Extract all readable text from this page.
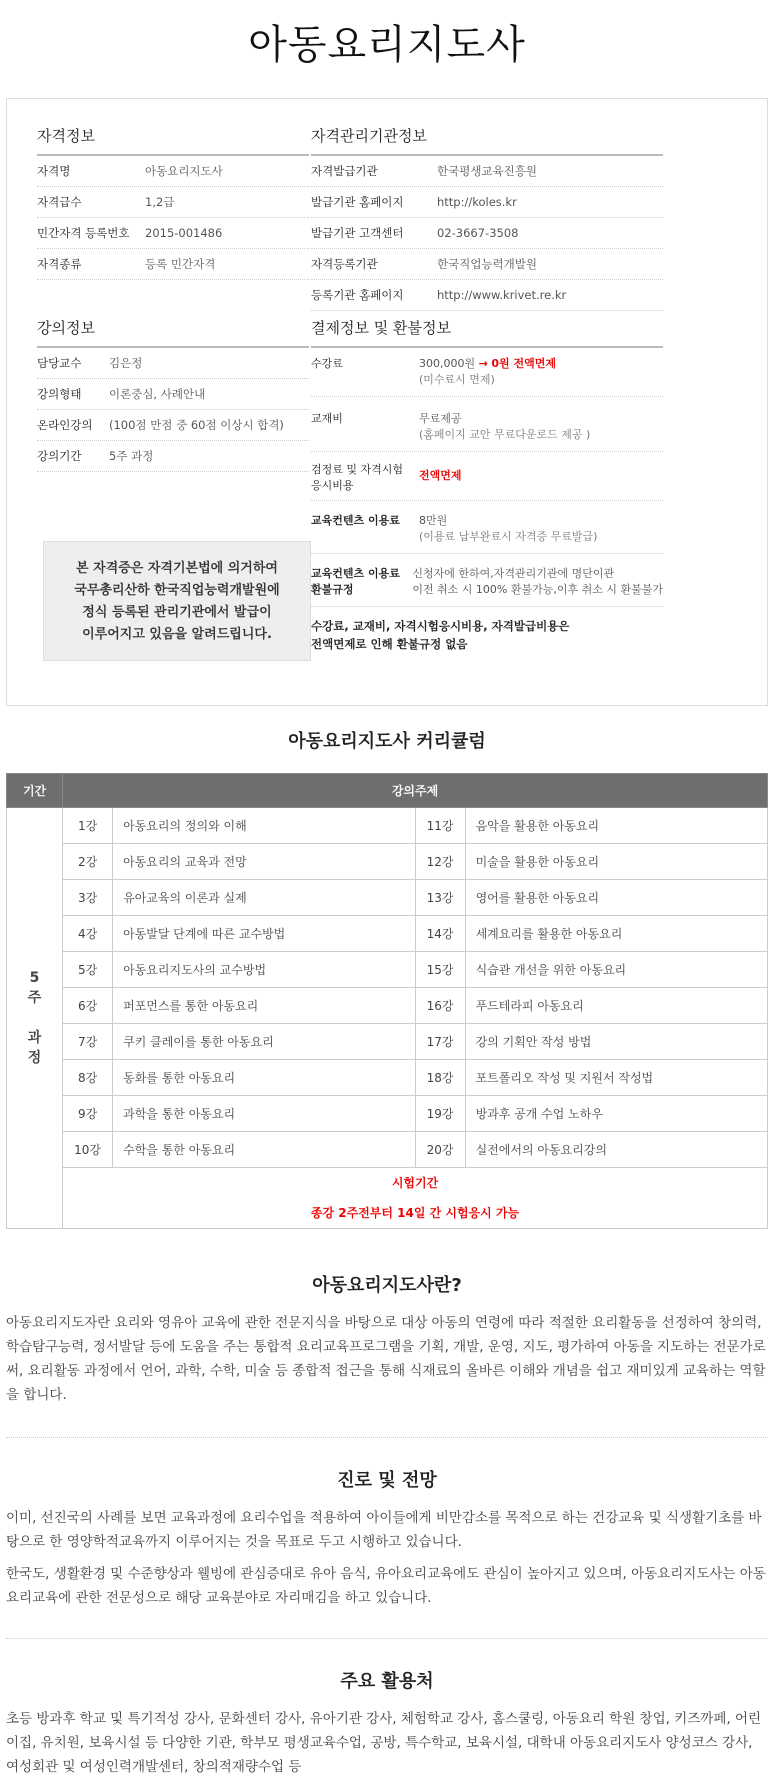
아동요리지도사
자격정보
자격명	아동요리지도사
자격급수	1,2급
민간자격 등록번호	2015-001486
자격종류	등록 민간자격
자격관리기관정보
자격발급기관	한국평생교육진흥원
발급기관 홈페이지	http://koles.kr
발급기관 고객센터	02-3667-3508
자격등록기관	한국직업능력개발원
등록기관 홈페이지	http://www.krivet.re.kr
강의정보
담당교수	김은정
강의형태	이론중심, 사례안내
온라인강의	(100점 만점 중 60점 이상시 합격)
강의기간	5주 과정
본 자격증은 자격기본법에 의거하여
국무총리산하 한국직업능력개발원에
정식 등록된 관리기관에서 발급이
이루어지고 있음을 알려드립니다.
결제정보 및 환불정보
수강료	300,000원 → 0원 전액면제
(미수료시 면제)
교재비	무료제공
(홈페이지 교안 무료다운로드 제공 )
검정료 및 자격시험
응시비용
전액면제
교육컨텐츠 이용료	8만원
(이용료 납부완료시 자격증 무료발급)
교육컨텐츠 이용료
환불규정
신청자에 한하여,자격관리기관에 명단이관
이전 취소 시 100% 환불가능,이후 취소 시 환불불가
수강료, 교재비, 자격시험응시비용, 자격발급비용은
전액면제로 인해 환불규정 없음
아동요리지도사 커리큘럼
기간	강의주제			

5
주

과
정	1강	아동요리의 정의와 이해	11강	음악을 활용한 아동요리
	2강	아동요리의 교육과 전망	12강	미술을 활용한 아동요리
	3강	유아교육의 이론과 실제	13강	영어를 활용한 아동요리
	4강	아동발달 단계에 따른 교수방법	14강	세계요리를 활용한 아동요리
	5강	아동요리지도사의 교수방법	15강	식습관 개선을 위한 아동요리
	6강	퍼포먼스를 통한 아동요리	16강	푸드테라피 아동요리
	7강	쿠키 클레이를 통한 아동요리	17강	강의 기획안 작성 방법
	8강	동화를 통한 아동요리	18강	포트폴리오 작성 및 지원서 작성법
	9강	과학을 통한 아동요리	19강	방과후 공개 수업 노하우
	10강	수학을 통한 아동요리	20강	실전에서의 아동요리강의

	시험기간
종강 2주전부터 14일 간 시험응시 가능			
아동요리지도사란?
아동요리지도자란 요리와 영유아 교육에 관한 전문지식을 바탕으로 대상 아동의 연령에 따라 적절한 요리활동을 선정하여 창의력, 학습탐구능력, 정서발달 등에 도움을 주는 통합적 요리교육프로그램을 기획, 개발, 운영, 지도, 평가하여 아동을 지도하는 전문가로써, 요리활동 과정에서 언어, 과학, 수학, 미술 등 종합적 접근을 통해 식재료의 올바른 이해와 개념을 쉽고 재미있게 교육하는 역할을 합니다.
진로 및 전망
이미, 선진국의 사례를 보면 교육과정에 요리수업을 적용하여 아이들에게 비만감소를 목적으로 하는 건강교육 및 식생활기초를 바탕으로 한 영양학적교육까지 이루어지는 것을 목표로 두고 시행하고 있습니다.
한국도, 생활환경 및 수준향상과 웰빙에 관심증대로 유아 음식, 유아요리교육에도 관심이 높아지고 있으며, 아동요리지도사는 아동요리교육에 관한 전문성으로 해당 교육분야로 자리매김을 하고 있습니다.
주요 활용처
초등 방과후 학교 및 특기적성 강사, 문화센터 강사, 유아기관 강사, 체험학교 강사, 홈스쿨링, 아동요리 학원 창업, 키즈까페, 어린이집, 유치원, 보육시설 등 다양한 기관, 학부모 평생교육수업, 공방, 특수학교, 보육시설, 대학내 아동요리지도사 양성코스 강사, 여성회관 및 여성인력개발센터, 창의적재량수업 등
